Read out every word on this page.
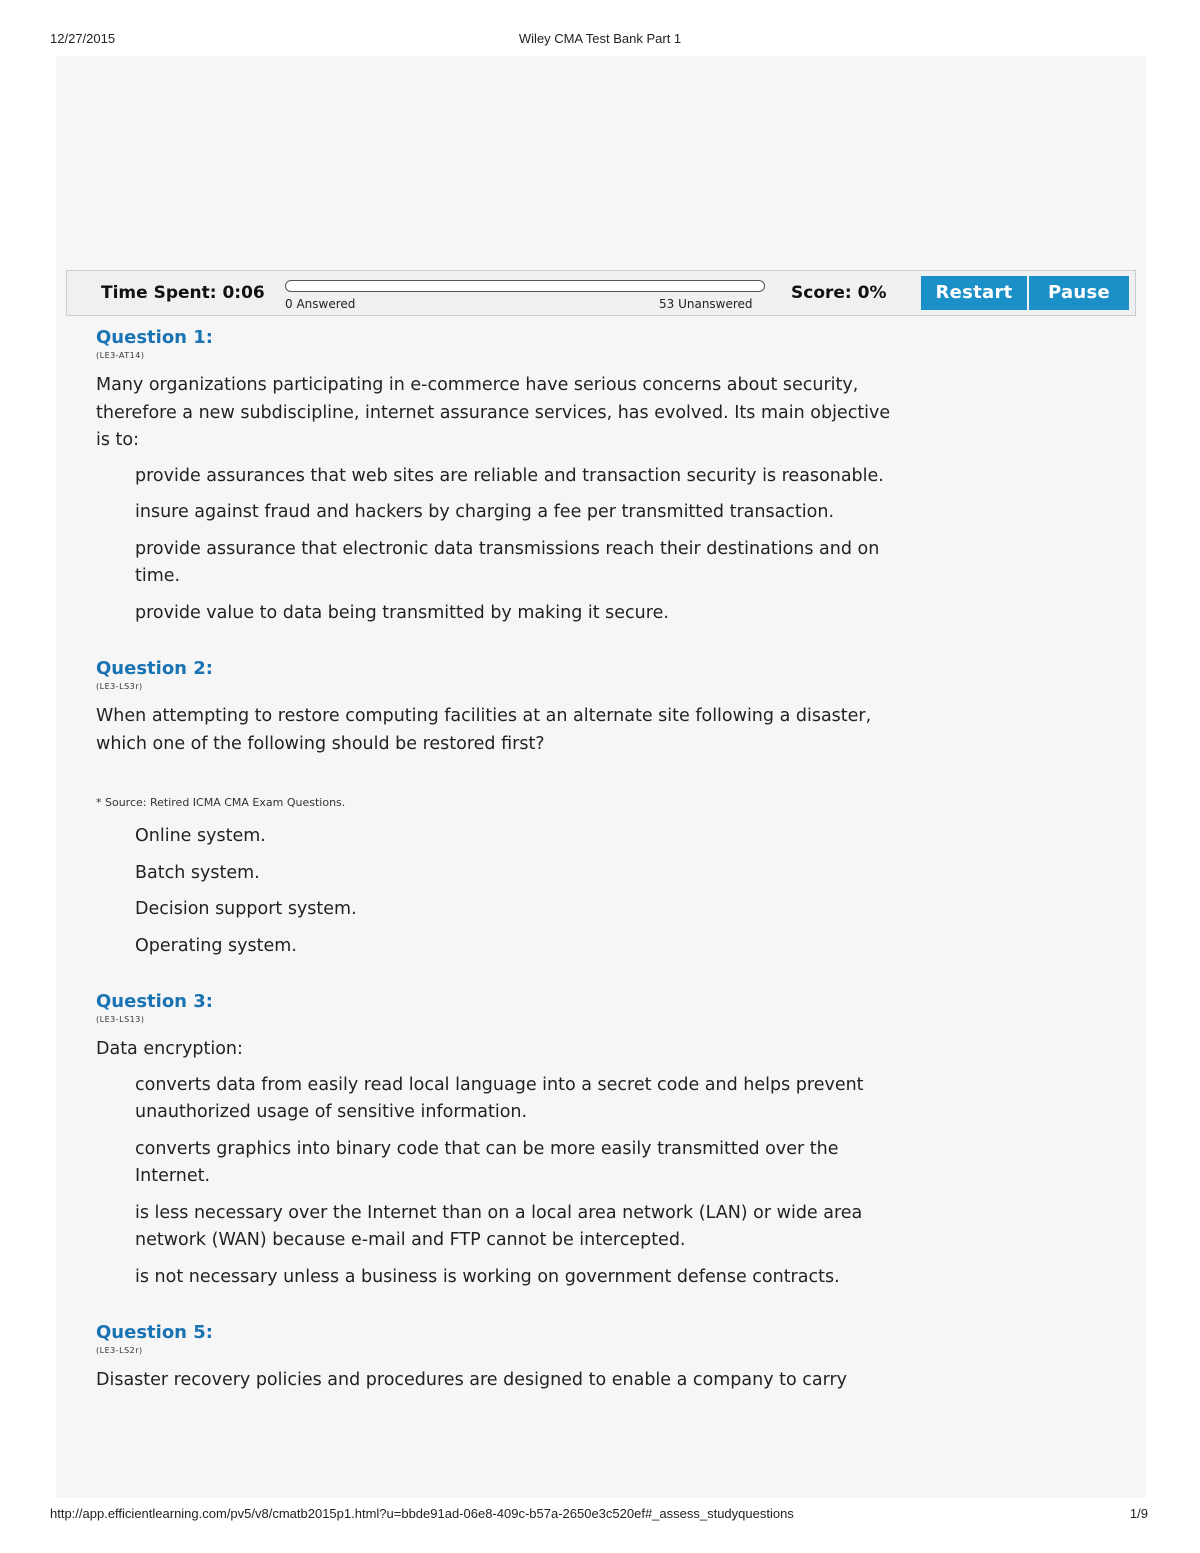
12/27/2015	Wiley CMA Test Bank Part 1
Time Spent: 0:06
0 Answered	53 Unanswered
Score: 0%	Restart	Pause
Question 1:
(LE3-AT14)
Many organizations participating in e-commerce have serious concerns about security, therefore a new subdiscipline, internet assurance services, has evolved. Its main objective is to:
provide assurances that web sites are reliable and transaction security is reasonable.
insure against fraud and hackers by charging a fee per transmitted transaction.
provide assurance that electronic data transmissions reach their destinations and on time.
provide value to data being transmitted by making it secure.
Question 2:
(LE3-LS3r)
When attempting to restore computing facilities at an alternate site following a disaster, which one of the following should be restored first?
* Source: Retired ICMA CMA Exam Questions.
Online system.
Batch system.
Decision support system.
Operating system.
Question 3:
(LE3-LS13)
Data encryption:
converts data from easily read local language into a secret code and helps prevent unauthorized usage of sensitive information.
converts graphics into binary code that can be more easily transmitted over the Internet.
is less necessary over the Internet than on a local area network (LAN) or wide area network (WAN) because e-mail and FTP cannot be intercepted.
is not necessary unless a business is working on government defense contracts.
Question 5:
(LE3-LS2r)
Disaster recovery policies and procedures are designed to enable a company to carry
http://app.efficientlearning.com/pv5/v8/cmatb2015p1.html?u=bbde91ad-06e8-409c-b57a-2650e3c520ef#_assess_studyquestions	1/9
